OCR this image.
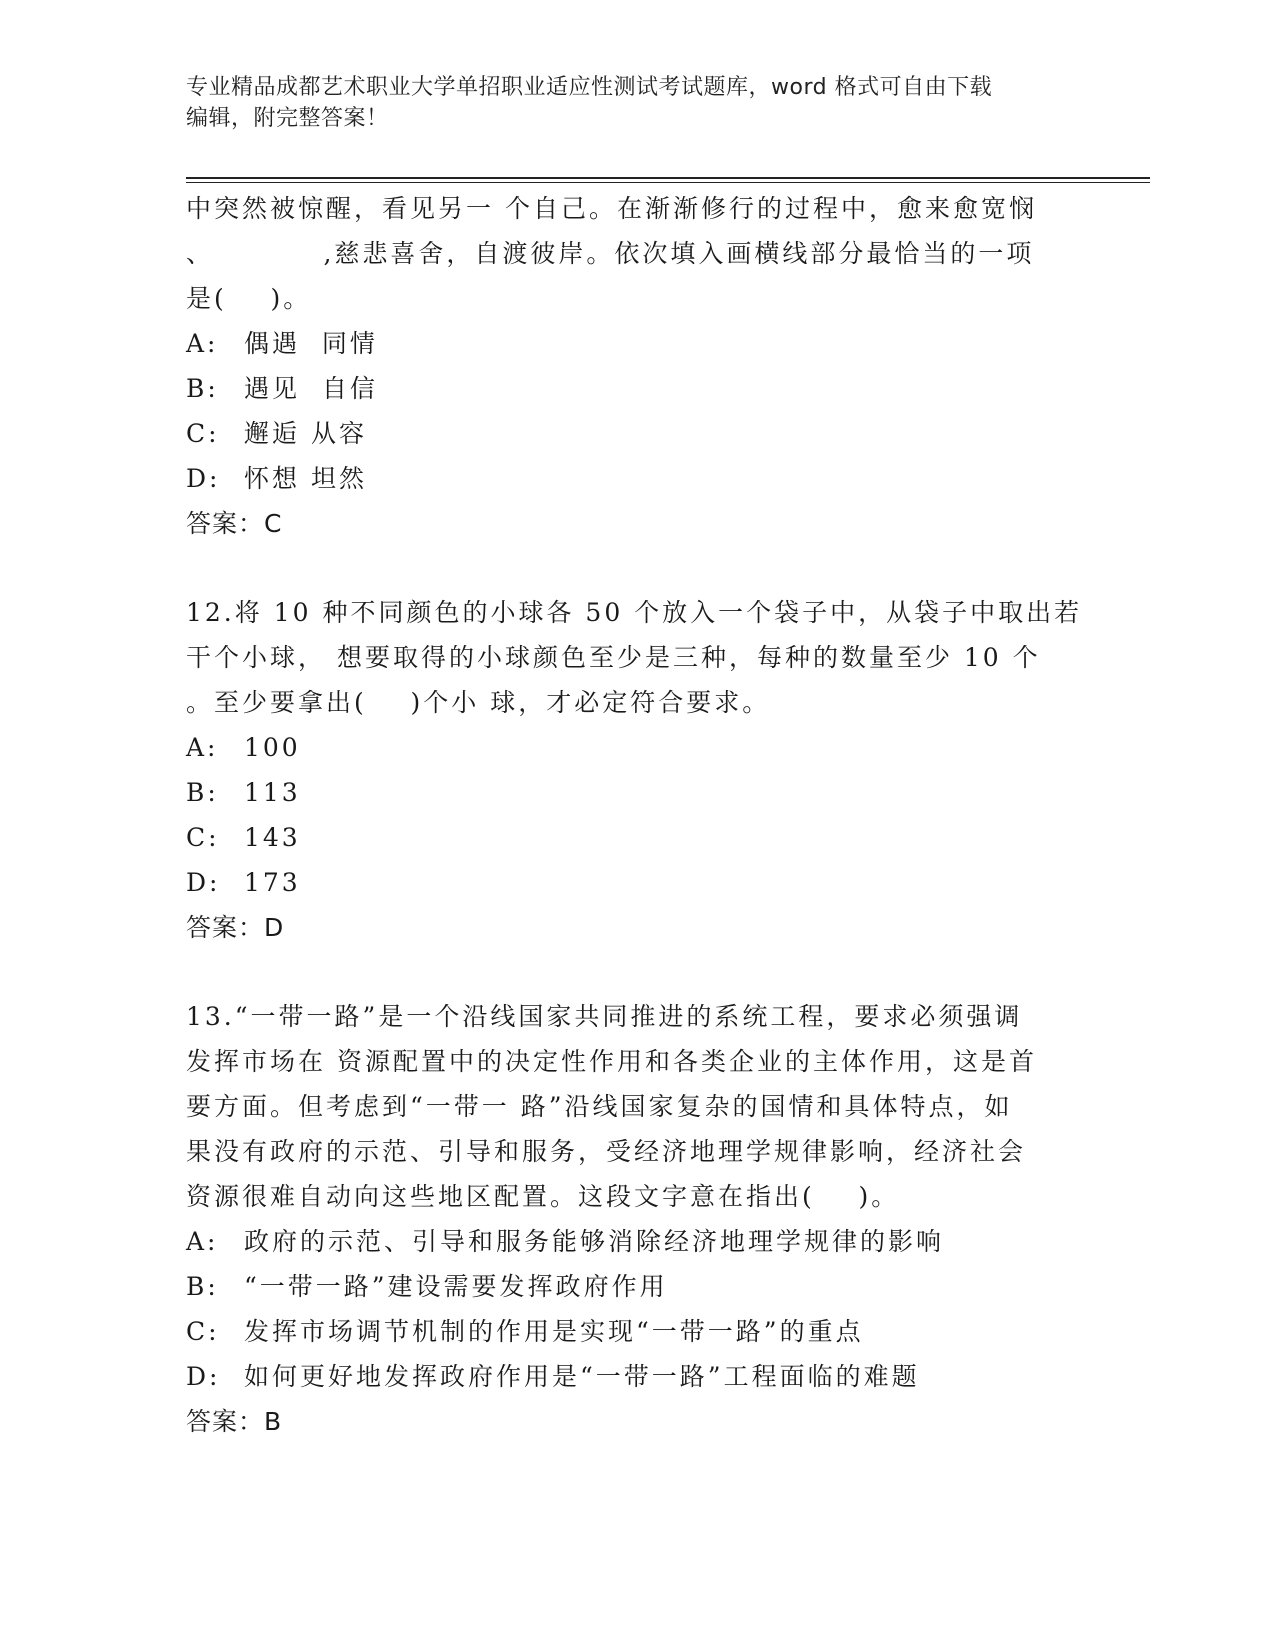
专业精品成都艺术职业大学单招职业适应性测试考试题库，word 格式可自由下载
编辑，附完整答案！
中突然被惊醒，看见另一 个自己。在渐渐修行的过程中，愈来愈宽悯
、          ,慈悲喜舍，自渡彼岸。依次填入画横线部分最恰当的一项
是(    )。
A:	偶遇  同情
B:	遇见  自信
C: 邂逅 从容
D: 怀想 坦然
答案：C
12.将 10 种不同颜色的小球各 50 个放入一个袋子中，从袋子中取出若
干个小球， 想要取得的小球颜色至少是三种，每种的数量至少 10 个
。至少要拿出(    )个小 球，才必定符合要求。
A:	100
B:	113
C: 143
D: 173
答案：D
13.“一带一路”是一个沿线国家共同推进的系统工程，要求必须强调
发挥市场在 资源配置中的决定性作用和各类企业的主体作用，这是首
要方面。但考虑到“一带一 路”沿线国家复杂的国情和具体特点，如
果没有政府的示范、引导和服务，受经济地理学规律影响，经济社会
资源很难自动向这些地区配置。这段文字意在指出(    )。
A:	政府的示范、引导和服务能够消除经济地理学规律的影响
B:	“一带一路”建设需要发挥政府作用
C: 发挥市场调节机制的作用是实现“一带一路”的重点
D: 如何更好地发挥政府作用是“一带一路”工程面临的难题
答案：B
